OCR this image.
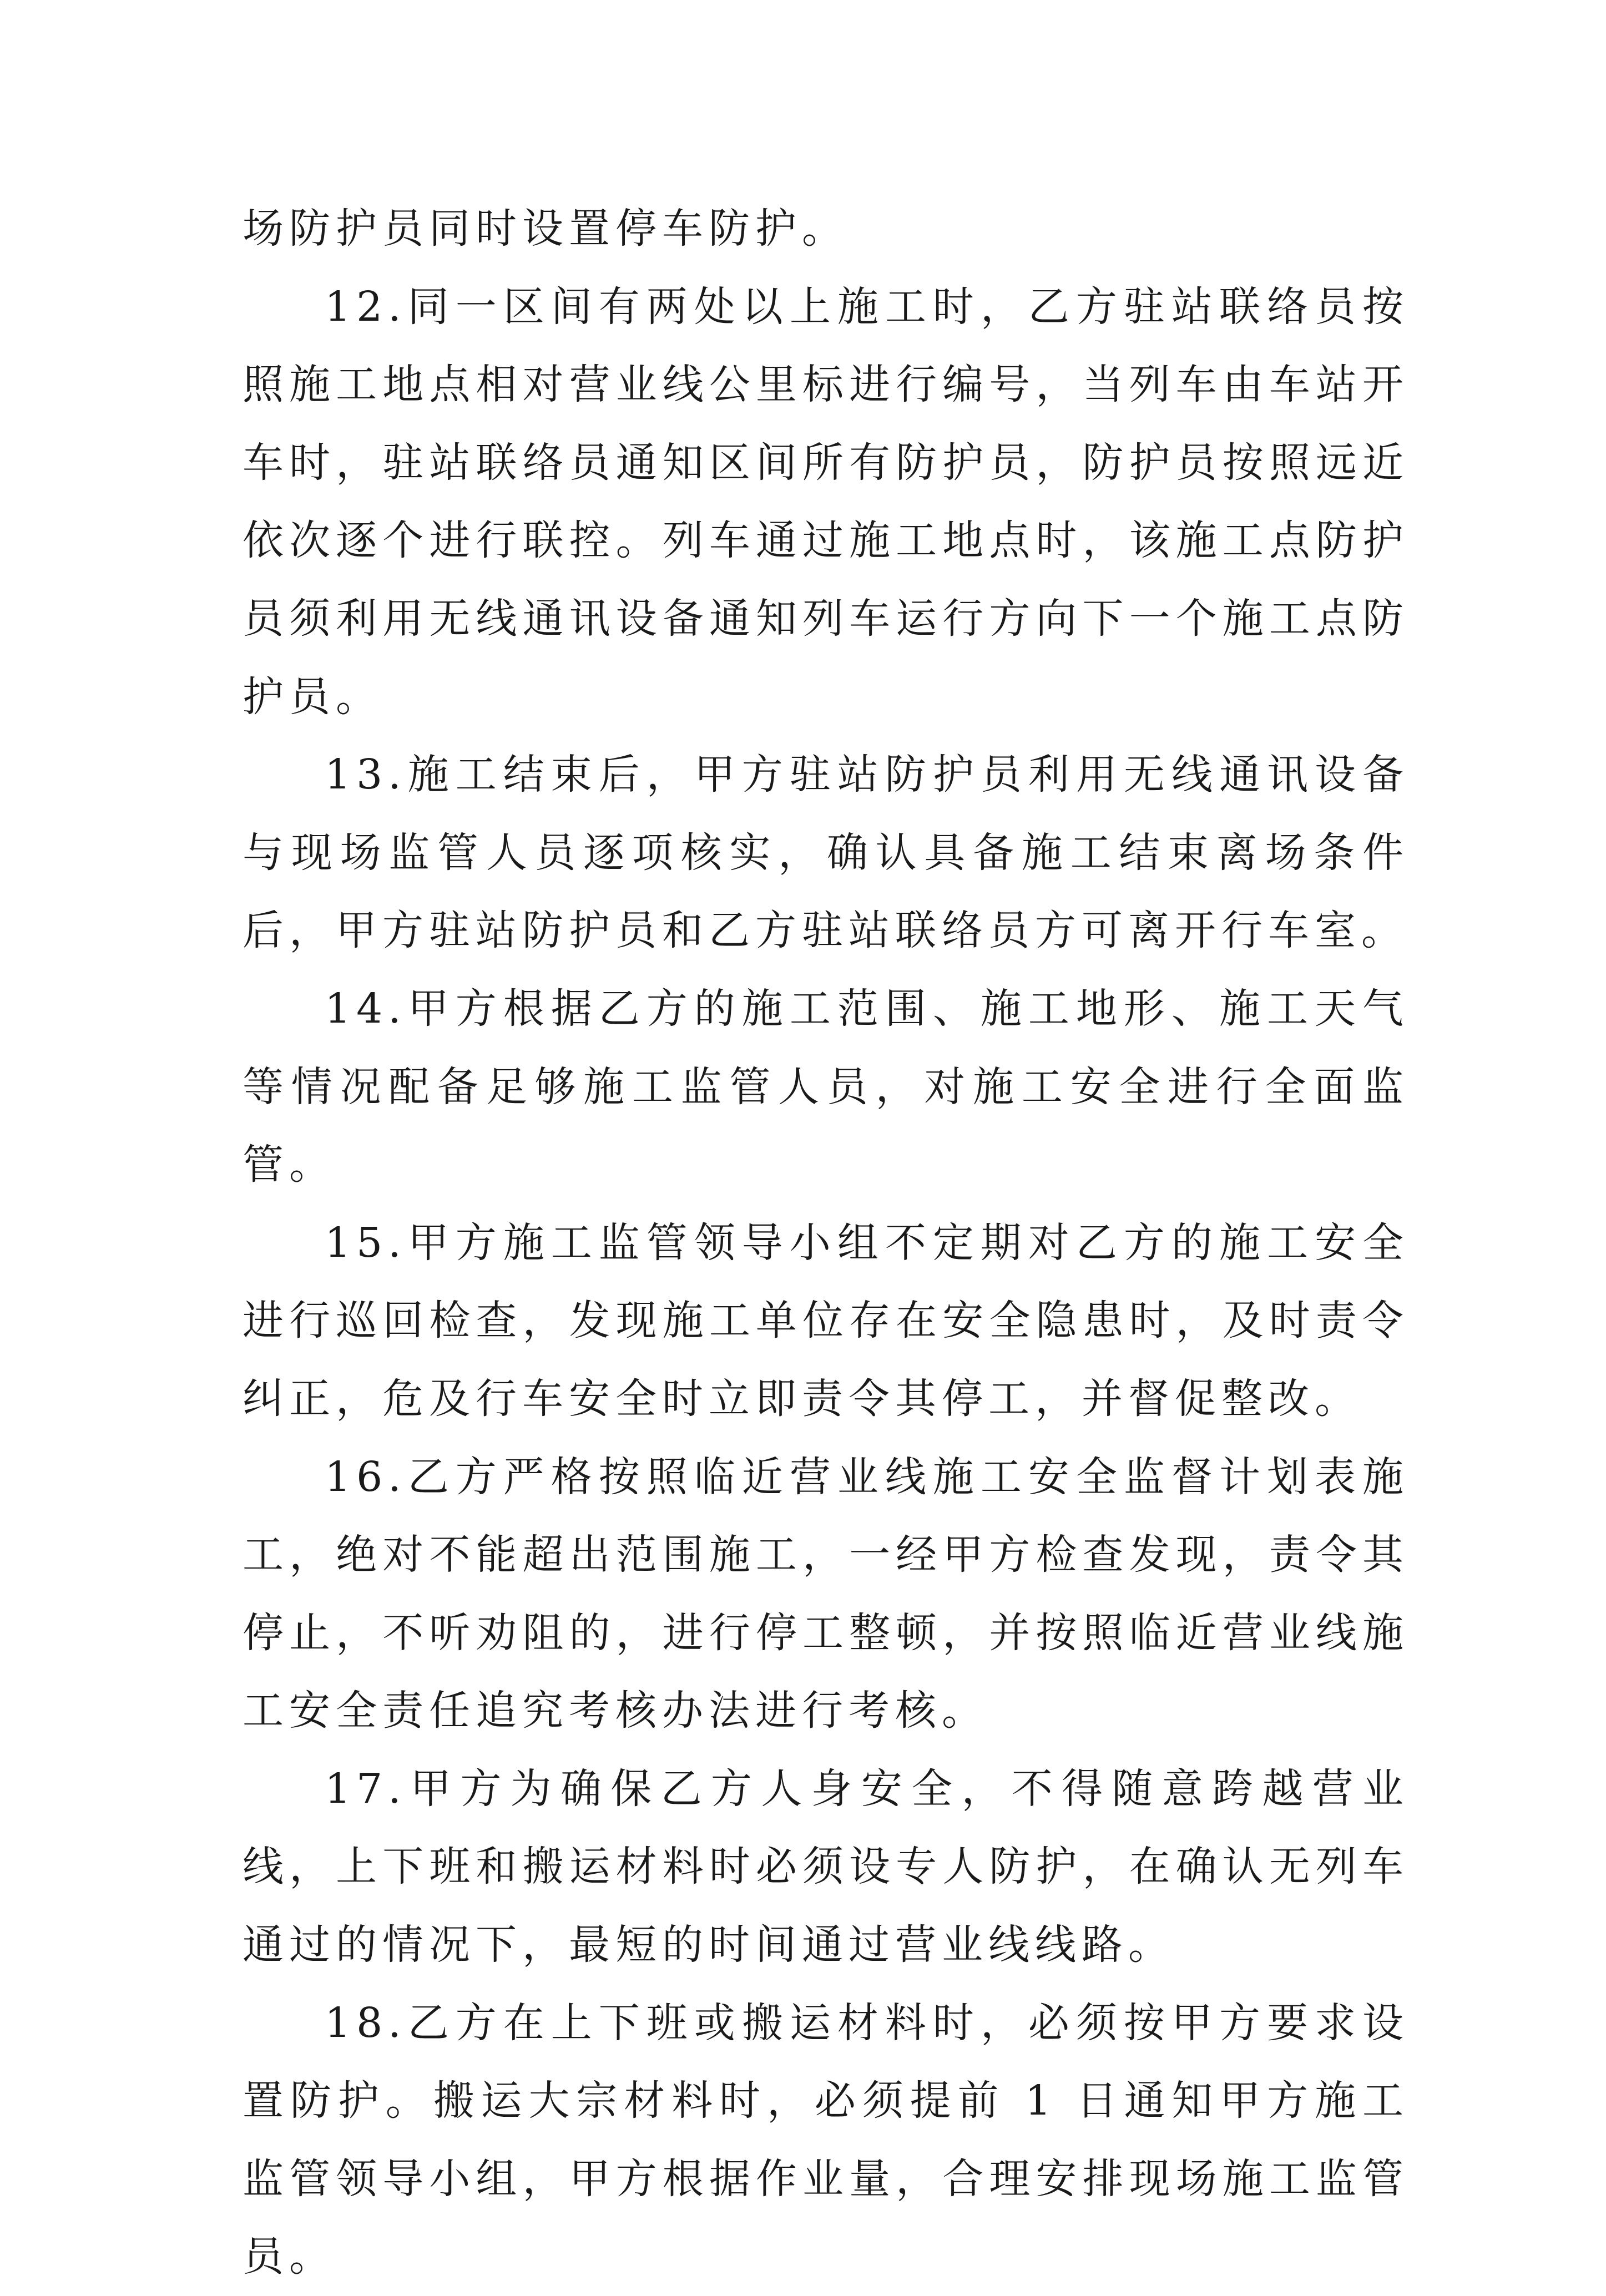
场防护员同时设置停车防护。

12.同一区间有两处以上施工时，乙方驻站联络员按照施工地点相对营业线公里标进行编号，当列车由车站开车时，驻站联络员通知区间所有防护员，防护员按照远近依次逐个进行联控。列车通过施工地点时，该施工点防护员须利用无线通讯设备通知列车运行方向下一个施工点防护员。

13.施工结束后，甲方驻站防护员利用无线通讯设备与现场监管人员逐项核实，确认具备施工结束离场条件后，甲方驻站防护员和乙方驻站联络员方可离开行车室。

14.甲方根据乙方的施工范围、施工地形、施工天气等情况配备足够施工监管人员，对施工安全进行全面监管。

15.甲方施工监管领导小组不定期对乙方的施工安全进行巡回检查，发现施工单位存在安全隐患时，及时责令纠正，危及行车安全时立即责令其停工，并督促整改。

16.乙方严格按照临近营业线施工安全监督计划表施工，绝对不能超出范围施工，一经甲方检查发现，责令其停止，不听劝阻的，进行停工整顿，并按照临近营业线施工安全责任追究考核办法进行考核。

17.甲方为确保乙方人身安全，不得随意跨越营业线，上下班和搬运材料时必须设专人防护，在确认无列车通过的情况下，最短的时间通过营业线线路。

18.乙方在上下班或搬运材料时，必须按甲方要求设置防护。搬运大宗材料时，必须提前 1 日通知甲方施工监管领导小组，甲方根据作业量，合理安排现场施工监管员。
